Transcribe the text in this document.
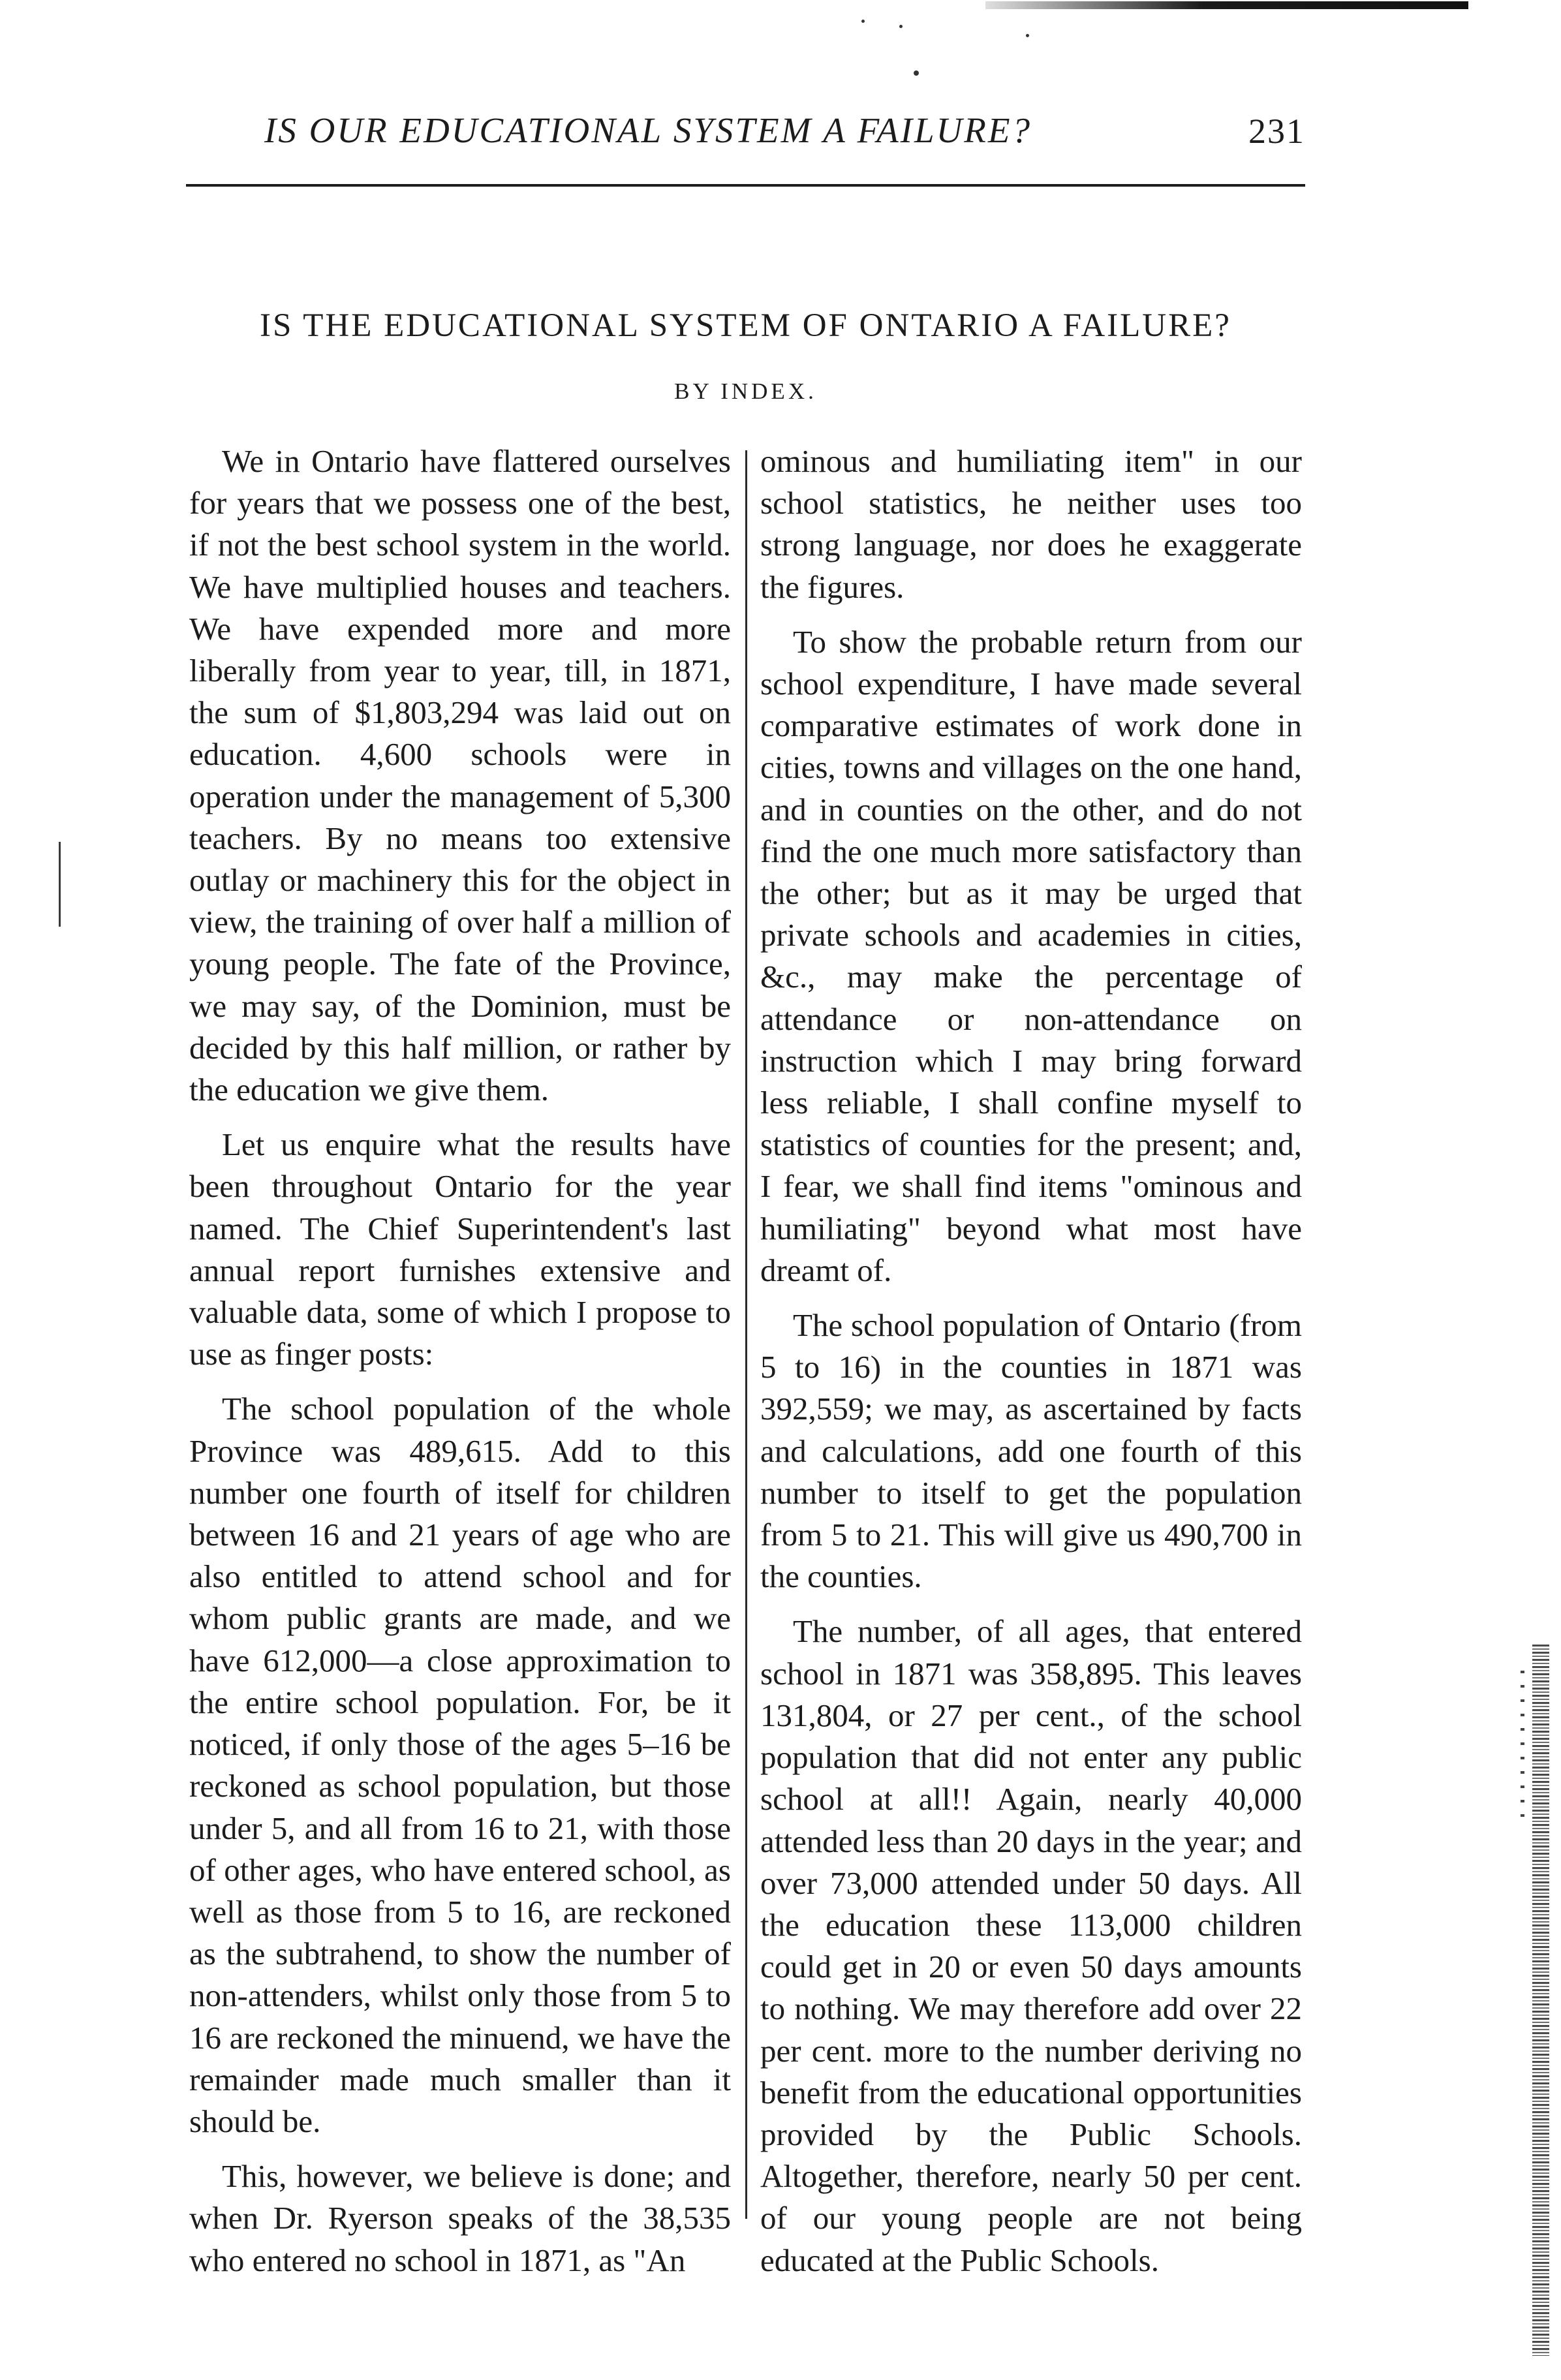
IS OUR EDUCATIONAL SYSTEM A FAILURE?	231
IS THE EDUCATIONAL SYSTEM OF ONTARIO A FAILURE?
BY INDEX.

We in Ontario have flattered ourselves for years that we possess one of the best, if not the best school system in the world. We have multiplied houses and teachers. We have expended more and more liberally from year to year, till, in 1871, the sum of $1,803,294 was laid out on education. 4,600 schools were in operation under the management of 5,300 teachers. By no means too extensive outlay or machinery this for the object in view, the training of over half a million of young people. The fate of the Province, we may say, of the Dominion, must be decided by this half million, or rather by the education we give them.

Let us enquire what the results have been throughout Ontario for the year named. The Chief Superintendent's last annual report furnishes extensive and valuable data, some of which I propose to use as finger posts:

The school population of the whole Province was 489,615. Add to this number one fourth of itself for children between 16 and 21 years of age who are also entitled to attend school and for whom public grants are made, and we have 612,000—a close approximation to the entire school population. For, be it noticed, if only those of the ages 5–16 be reckoned as school population, but those under 5, and all from 16 to 21, with those of other ages, who have entered school, as well as those from 5 to 16, are reckoned as the subtrahend, to show the number of non-attenders, whilst only those from 5 to 16 are reckoned the minuend, we have the remainder made much smaller than it should be.

This, however, we believe is done; and when Dr. Ryerson speaks of the 38,535 who entered no school in 1871, as "An

ominous and humiliating item" in our school statistics, he neither uses too strong language, nor does he exaggerate the figures.

To show the probable return from our school expenditure, I have made several comparative estimates of work done in cities, towns and villages on the one hand, and in counties on the other, and do not find the one much more satisfactory than the other; but as it may be urged that private schools and academies in cities, &c., may make the percentage of attendance or non-attendance on instruction which I may bring forward less reliable, I shall confine myself to statistics of counties for the present; and, I fear, we shall find items "ominous and humiliating" beyond what most have dreamt of.

The school population of Ontario (from 5 to 16) in the counties in 1871 was 392,559; we may, as ascertained by facts and calculations, add one fourth of this number to itself to get the population from 5 to 21. This will give us 490,700 in the counties.

The number, of all ages, that entered school in 1871 was 358,895. This leaves 131,804, or 27 per cent., of the school population that did not enter any public school at all!! Again, nearly 40,000 attended less than 20 days in the year; and over 73,000 attended under 50 days. All the education these 113,000 children could get in 20 or even 50 days amounts to nothing. We may therefore add over 22 per cent. more to the number deriving no benefit from the educational opportunities provided by the Public Schools. Altogether, therefore, nearly 50 per cent. of our young people are not being educated at the Public Schools.
